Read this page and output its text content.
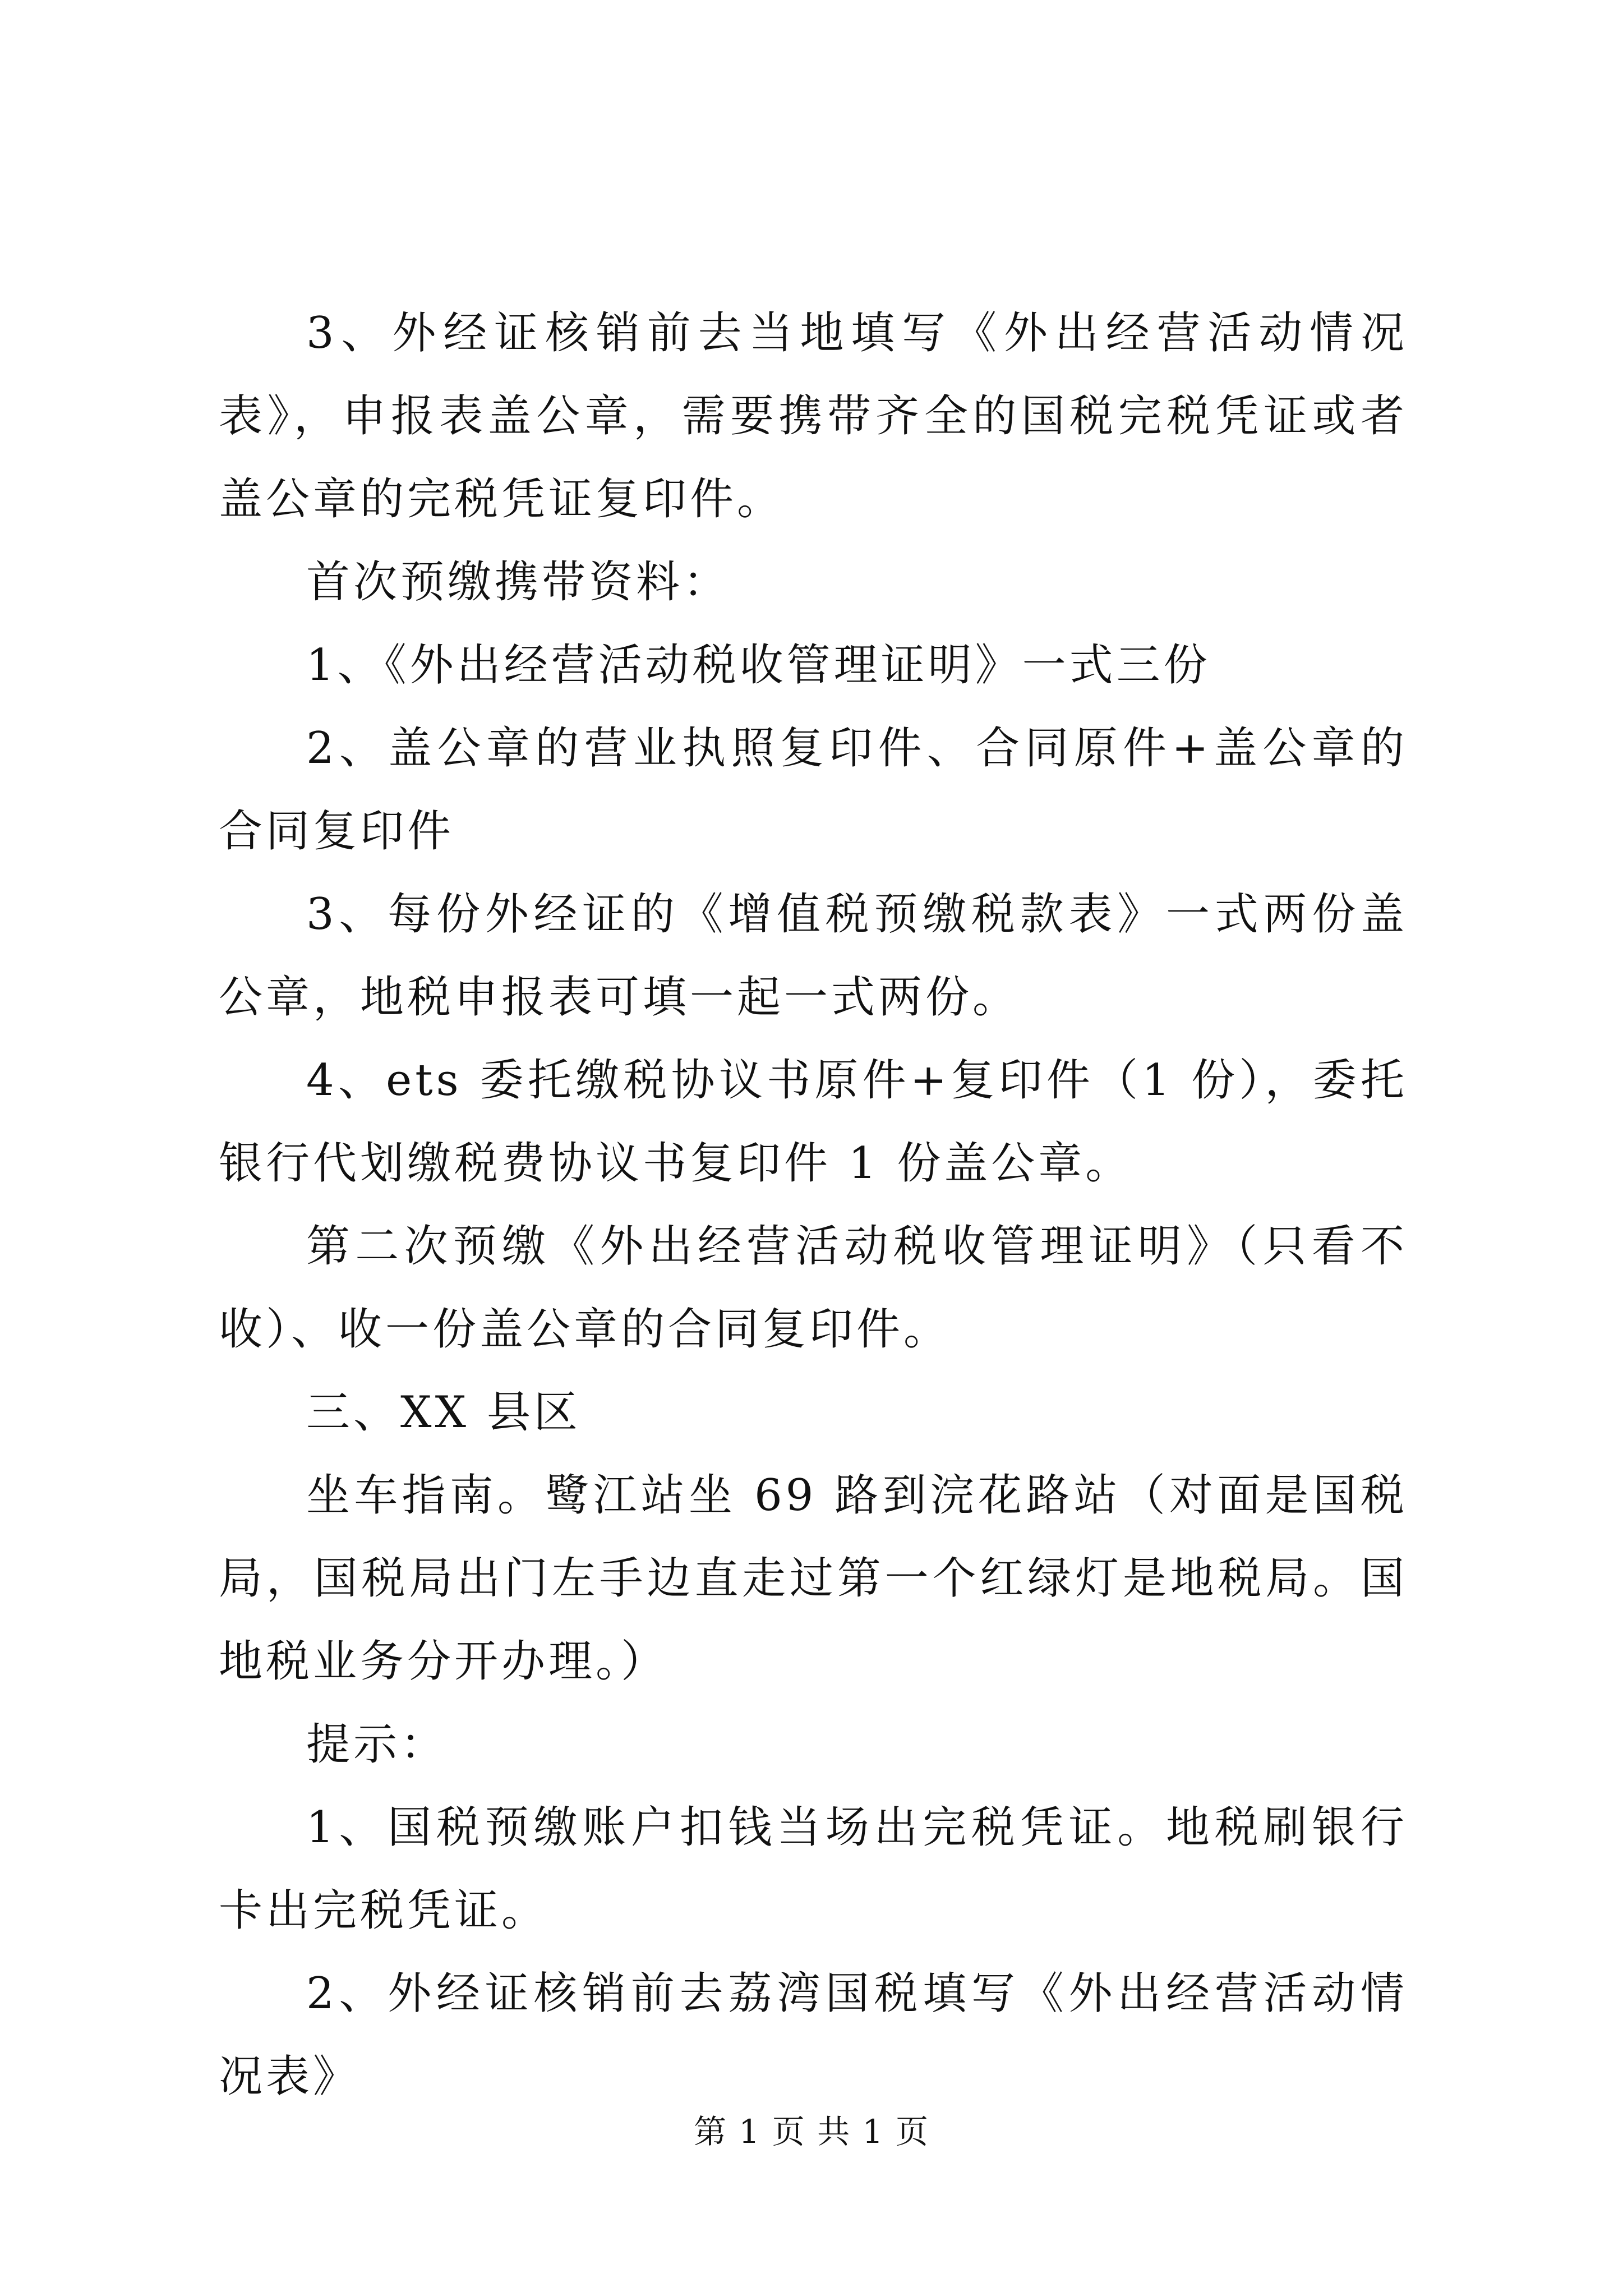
3、外经证核销前去当地填写《外出经营活动情况表》，申报表盖公章，需要携带齐全的国税完税凭证或者盖公章的完税凭证复印件。

首次预缴携带资料：

1、《外出经营活动税收管理证明》一式三份

2、盖公章的营业执照复印件、合同原件+盖公章的合同复印件

3、每份外经证的《增值税预缴税款表》一式两份盖公章，地税申报表可填一起一式两份。

4、ets 委托缴税协议书原件+复印件（1 份），委托银行代划缴税费协议书复印件 1 份盖公章。

第二次预缴《外出经营活动税收管理证明》（只看不收）、收一份盖公章的合同复印件。

三、XX 县区

坐车指南。鹭江站坐 69 路到浣花路站（对面是国税局，国税局出门左手边直走过第一个红绿灯是地税局。国地税业务分开办理。）

提示：

1、国税预缴账户扣钱当场出完税凭证。地税刷银行卡出完税凭证。

2、外经证核销前去荔湾国税填写《外出经营活动情况表》

第 1 页 共 1 页
